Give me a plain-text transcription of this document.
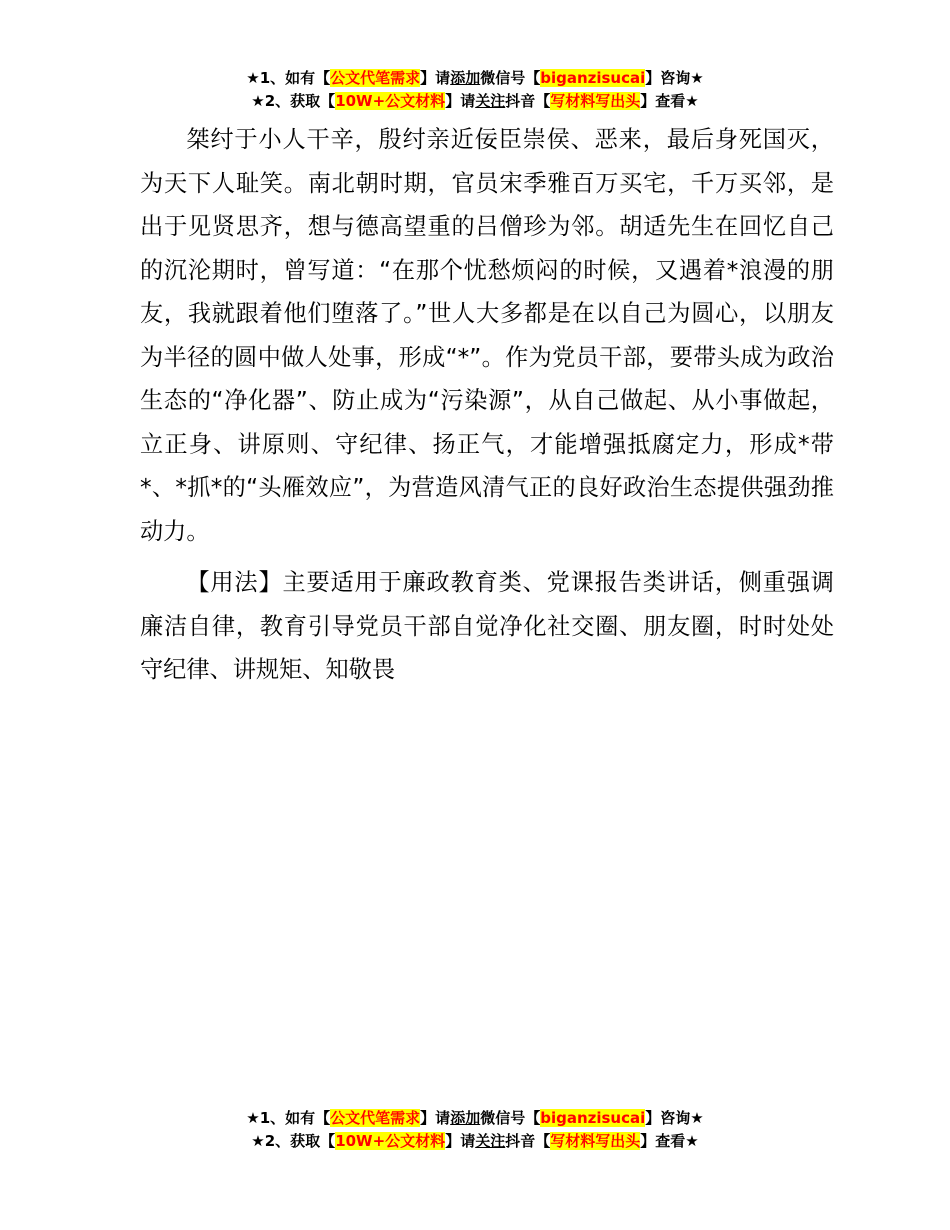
★1、如有【公文代笔需求】请添加微信号【biganzisucai】咨询★
★2、获取【10W+公文材料】请关注抖音【写材料写出头】查看★

桀纣于小人干辛，殷纣亲近佞臣崇侯、恶来，最后身死国灭，为天下人耻笑。南北朝时期，官员宋季雅百万买宅，千万买邻，是出于见贤思齐，想与德高望重的吕僧珍为邻。胡适先生在回忆自己的沉沦期时，曾写道：“在那个忧愁烦闷的时候，又遇着*浪漫的朋友，我就跟着他们堕落了。”世人大多都是在以自己为圆心，以朋友为半径的圆中做人处事，形成“*”。作为党员干部，要带头成为政治生态的“净化器”、防止成为“污染源”，从自己做起、从小事做起，立正身、讲原则、守纪律、扬正气，才能增强抵腐定力，形成*带*、*抓*的“头雁效应”，为营造风清气正的良好政治生态提供强劲推动力。

【用法】主要适用于廉政教育类、党课报告类讲话，侧重强调廉洁自律，教育引导党员干部自觉净化社交圈、朋友圈，时时处处守纪律、讲规矩、知敬畏

★1、如有【公文代笔需求】请添加微信号【biganzisucai】咨询★
★2、获取【10W+公文材料】请关注抖音【写材料写出头】查看★
